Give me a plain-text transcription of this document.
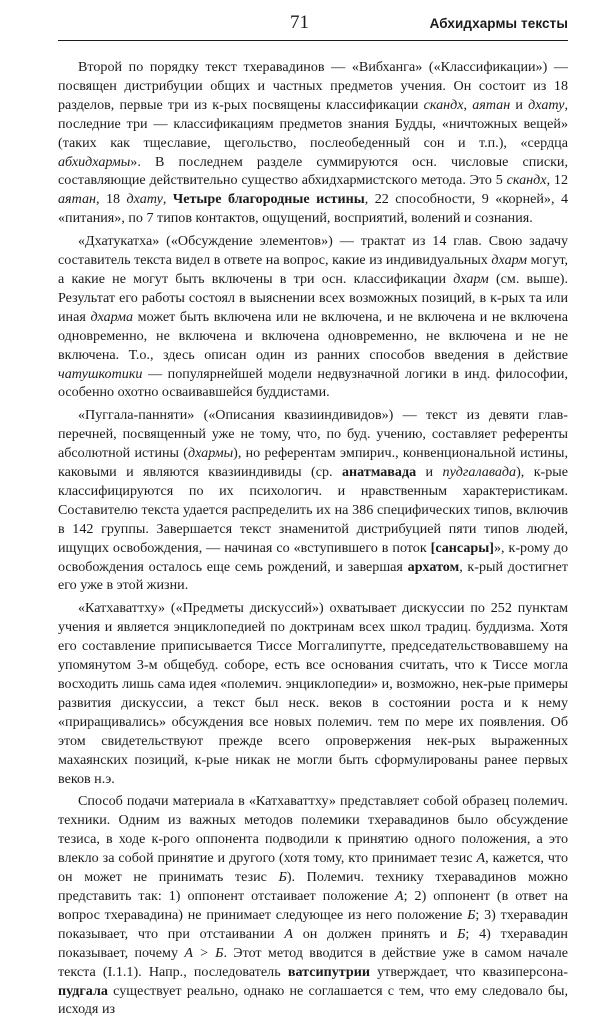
71	Абхидхармы тексты

Второй по порядку текст тхеравадинов — «Вибханга» («Классификации») — посвящен дистрибуции общих и частных предметов учения. Он состоит из 18 разделов, первые три из к-рых посвящены классификации скандх, аятан и дхату, последние три — классификациям предметов знания Будды, «ничтожных вещей» (таких как тщеславие, щегольство, послеобеденный сон и т.п.), «сердца абхидхармы». В последнем разделе суммируются осн. числовые списки, составляющие действительно существо абхидхармистского метода. Это 5 скандх, 12 аятан, 18 дхату, Четыре благородные истины, 22 способности, 9 «корней», 4 «питания», по 7 типов контактов, ощущений, восприятий, волений и сознания.

«Дхатукатха» («Обсуждение элементов») — трактат из 14 глав. Свою задачу составитель текста видел в ответе на вопрос, какие из индивидуальных дхарм могут, а какие не могут быть включены в три осн. классификации дхарм (см. выше). Результат его работы состоял в выяснении всех возможных позиций, в к-рых та или иная дхарма может быть включена или не включена, и не включена и не включена одновременно, не включена и включена одновременно, не включена и не не включена. Т.о., здесь описан один из ранних способов введения в действие чатушкотики — популярнейшей модели недвузначной логики в инд. философии, особенно охотно осваивавшейся буддистами.

«Пуггала-панняти» («Описания квазииндивидов») — текст из девяти глав-перечней, посвященный уже не тому, что, по буд. учению, составляет референты абсолютной истины (дхармы), но референтам эмпирич., конвенциональной истины, каковыми и являются квазииндивиды (ср. анатмавада и пудгалавада), к-рые классифицируются по их психологич. и нравственным характеристикам. Составителю текста удается распределить их на 386 специфических типов, включив в 142 группы. Завершается текст знаменитой дистрибуцией пяти типов людей, ищущих освобождения, — начиная со «вступившего в поток [сансары]», к-рому до освобождения осталось еще семь рождений, и завершая архатом, к-рый достигнет его уже в этой жизни.

«Катхаваттху» («Предметы дискуссий») охватывает дискуссии по 252 пунктам учения и является энциклопедией по доктринам всех школ традиц. буддизма. Хотя его составление приписывается Тиссе Моггалипутте, председательствовавшему на упомянутом 3-м общебуд. соборе, есть все основания считать, что к Тиссе могла восходить лишь сама идея «полемич. энциклопедии» и, возможно, нек-рые примеры развития дискуссии, а текст был неск. веков в состоянии роста и к нему «приращивались» обсуждения все новых полемич. тем по мере их появления. Об этом свидетельствуют прежде всего опровержения нек-рых выраженных махаянских позиций, к-рые никак не могли быть сформулированы ранее первых веков н.э.

Способ подачи материала в «Катхаваттху» представляет собой образец полемич. техники. Одним из важных методов полемики тхеравадинов было обсуждение тезиса, в ходе к-рого оппонента подводили к принятию одного положения, а это влекло за собой принятие и другого (хотя тому, кто принимает тезис А, кажется, что он может не принимать тезис Б). Полемич. технику тхеравадинов можно представить так: 1) оппонент отстаивает положение А; 2) оппонент (в ответ на вопрос тхеравадина) не принимает следующее из него положение Б; 3) тхеравадин показывает, что при отстаивании А он должен принять и Б; 4) тхеравадин показывает, почему А > Б. Этот метод вводится в действие уже в самом начале текста (I.1.1). Напр., последователь ватсипутрии утверждает, что квазиперсона-пудгала существует реально, однако не соглашается с тем, что ему следовало бы, исходя из
